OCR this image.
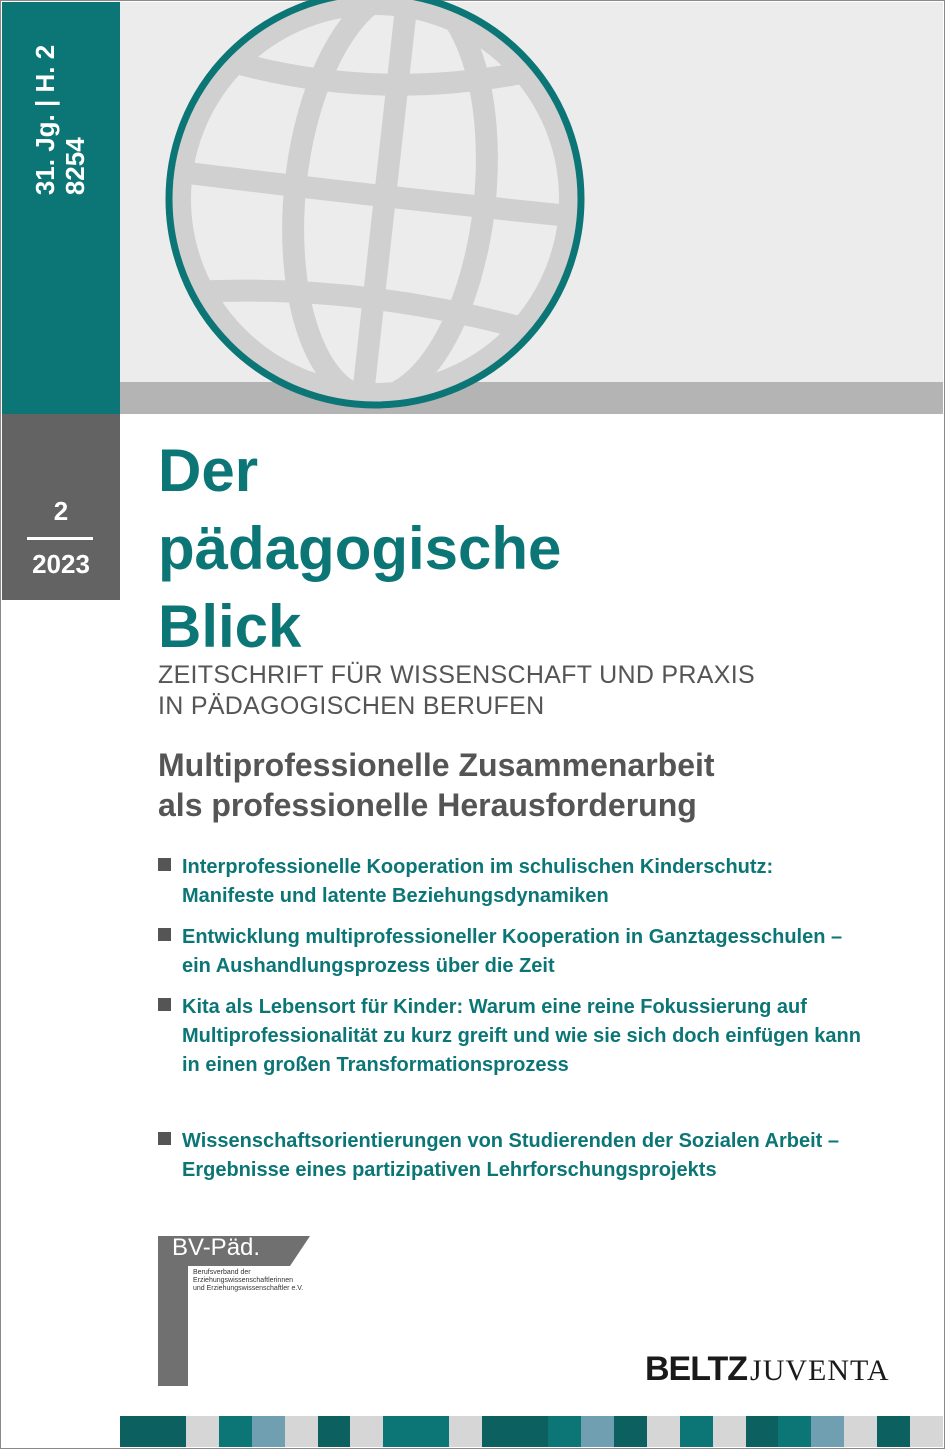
31. Jg. | H. 2 8254
2
2023
Der
pädagogische
Blick
ZEITSCHRIFT FÜR WISSENSCHAFT UND PRAXIS
IN PÄDAGOGISCHEN BERUFEN
Multiprofessionelle Zusammenarbeit
als professionelle Herausforderung
Interprofessionelle Kooperation im schulischen Kinderschutz:
Manifeste und latente Beziehungsdynamiken
Entwicklung multiprofessioneller Kooperation in Ganztagesschulen –
ein Aushandlungsprozess über die Zeit
Kita als Lebensort für Kinder: Warum eine reine Fokussierung auf
Multiprofessionalität zu kurz greift und wie sie sich doch einfügen kann
in einen großen Transformationsprozess
Wissenschaftsorientierungen von Studierenden der Sozialen Arbeit –
Ergebnisse eines partizipativen Lehrforschungsprojekts
BV-Päd.
Berufsverband der
Erziehungswissenschaftlerinnen
und Erziehungswissenschaftler e.V.
BELTZ JUVENTA
